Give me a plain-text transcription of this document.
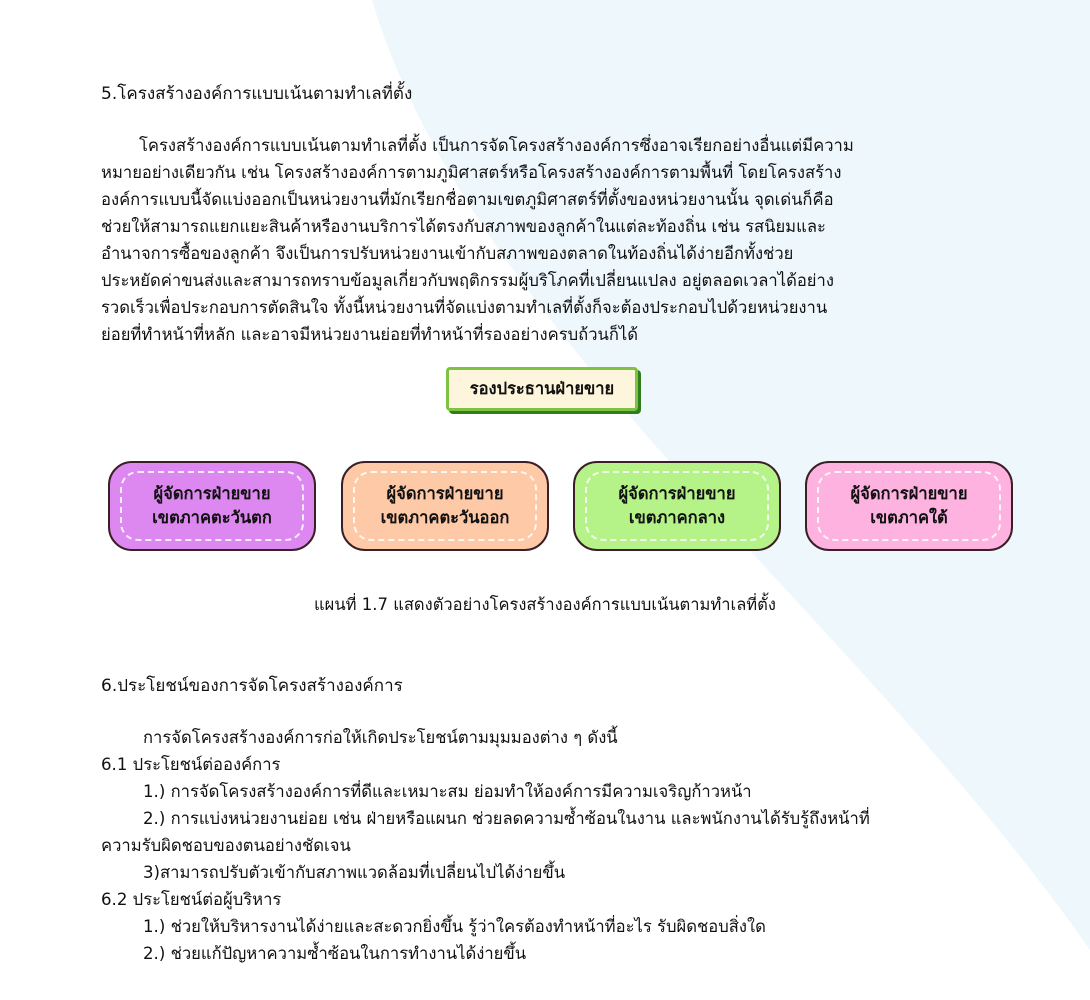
5.โครงสร้างองค์การแบบเน้นตามทำเลที่ตั้ง

โครงสร้างองค์การแบบเน้นตามทำเลที่ตั้ง เป็นการจัดโครงสร้างองค์การซึ่งอาจเรียกอย่างอื่นแต่มีความ
หมายอย่างเดียวกัน เช่น โครงสร้างองค์การตามภูมิศาสตร์หรือโครงสร้างองค์การตามพื้นที่ โดยโครงสร้าง
องค์การแบบนี้จัดแบ่งออกเป็นหน่วยงานที่มักเรียกชื่อตามเขตภูมิศาสตร์ที่ตั้งของหน่วยงานนั้น จุดเด่นก็คือ
ช่วยให้สามารถแยกแยะสินค้าหรืองานบริการได้ตรงกับสภาพของลูกค้าในแต่ละท้องถิ่น เช่น รสนิยมและ
อำนาจการซื้อของลูกค้า จึงเป็นการปรับหน่วยงานเข้ากับสภาพของตลาดในท้องถิ่นได้ง่ายอีกทั้งช่วย
ประหยัดค่าขนส่งและสามารถทราบข้อมูลเกี่ยวกับพฤติกรรมผู้บริโภคที่เปลี่ยนแปลง อยู่ตลอดเวลาได้อย่าง
รวดเร็วเพื่อประกอบการตัดสินใจ ทั้งนี้หน่วยงานที่จัดแบ่งตามทำเลที่ตั้งก็จะต้องประกอบไปด้วยหน่วยงาน
ย่อยที่ทำหน้าที่หลัก และอาจมีหน่วยงานย่อยที่ทำหน้าที่รองอย่างครบถ้วนก็ได้

รองประธานฝ่ายขาย
ผู้จัดการฝ่ายขาย
เขตภาคตะวันตก
ผู้จัดการฝ่ายขาย
เขตภาคตะวันออก
ผู้จัดการฝ่ายขาย
เขตภาคกลาง
ผู้จัดการฝ่ายขาย
เขตภาคใต้
แผนที่ 1.7 แสดงตัวอย่างโครงสร้างองค์การแบบเน้นตามทำเลที่ตั้ง
6.ประโยชน์ของการจัดโครงสร้างองค์การ
การจัดโครงสร้างองค์การก่อให้เกิดประโยชน์ตามมุมมองต่าง ๆ ดังนี้
6.1 ประโยชน์ต่อองค์การ
1.) การจัดโครงสร้างองค์การที่ดีและเหมาะสม ย่อมทำให้องค์การมีความเจริญก้าวหน้า
2.) การแบ่งหน่วยงานย่อย เช่น ฝ่ายหรือแผนก ช่วยลดความซ้ำซ้อนในงาน และพนักงานได้รับรู้ถึงหน้าที่
ความรับผิดชอบของตนอย่างชัดเจน
3)สามารถปรับตัวเข้ากับสภาพแวดล้อมที่เปลี่ยนไปได้ง่ายขึ้น
6.2 ประโยชน์ต่อผู้บริหาร
1.) ช่วยให้บริหารงานได้ง่ายและสะดวกยิ่งขึ้น รู้ว่าใครต้องทำหน้าที่อะไร รับผิดชอบสิ่งใด
2.) ช่วยแก้ปัญหาความซ้ำซ้อนในการทำงานได้ง่ายขึ้น
